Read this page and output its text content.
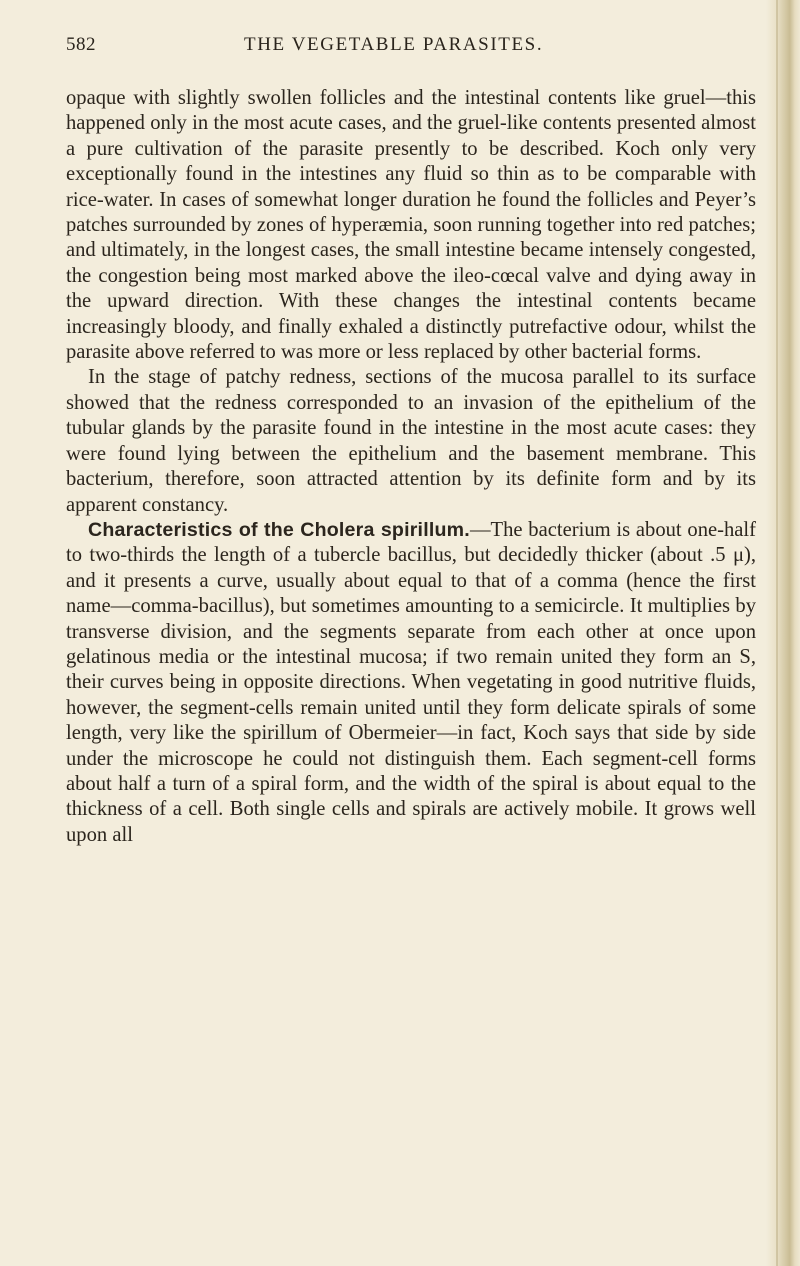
582	THE VEGETABLE PARASITES.

opaque with slightly swollen follicles and the intestinal contents like gruel—this happened only in the most acute cases, and the gruel-like contents presented almost a pure cultivation of the parasite presently to be described. Koch only very exceptionally found in the intestines any fluid so thin as to be comparable with rice-water. In cases of somewhat longer duration he found the follicles and Peyer’s patches surrounded by zones of hyperæmia, soon running together into red patches; and ultimately, in the longest cases, the small intestine became intensely congested, the congestion being most marked above the ileo-cœcal valve and dying away in the upward direction. With these changes the intestinal contents became increasingly bloody, and finally exhaled a distinctly putrefactive odour, whilst the parasite above referred to was more or less replaced by other bacterial forms.

In the stage of patchy redness, sections of the mucosa parallel to its surface showed that the redness corresponded to an invasion of the epithelium of the tubular glands by the parasite found in the intestine in the most acute cases: they were found lying between the epithelium and the basement membrane. This bacterium, therefore, soon attracted attention by its definite form and by its apparent constancy.

Characteristics of the Cholera spirillum.—The bacterium is about one-half to two-thirds the length of a tubercle bacillus, but decidedly thicker (about .5 μ), and it presents a curve, usually about equal to that of a comma (hence the first name—comma-bacillus), but sometimes amounting to a semicircle. It multiplies by transverse division, and the segments separate from each other at once upon gelatinous media or the intestinal mucosa; if two remain united they form an S, their curves being in opposite directions. When vegetating in good nutritive fluids, however, the segment-cells remain united until they form delicate spirals of some length, very like the spirillum of Obermeier—in fact, Koch says that side by side under the microscope he could not distinguish them. Each segment-cell forms about half a turn of a spiral form, and the width of the spiral is about equal to the thickness of a cell. Both single cells and spirals are actively mobile. It grows well upon all
